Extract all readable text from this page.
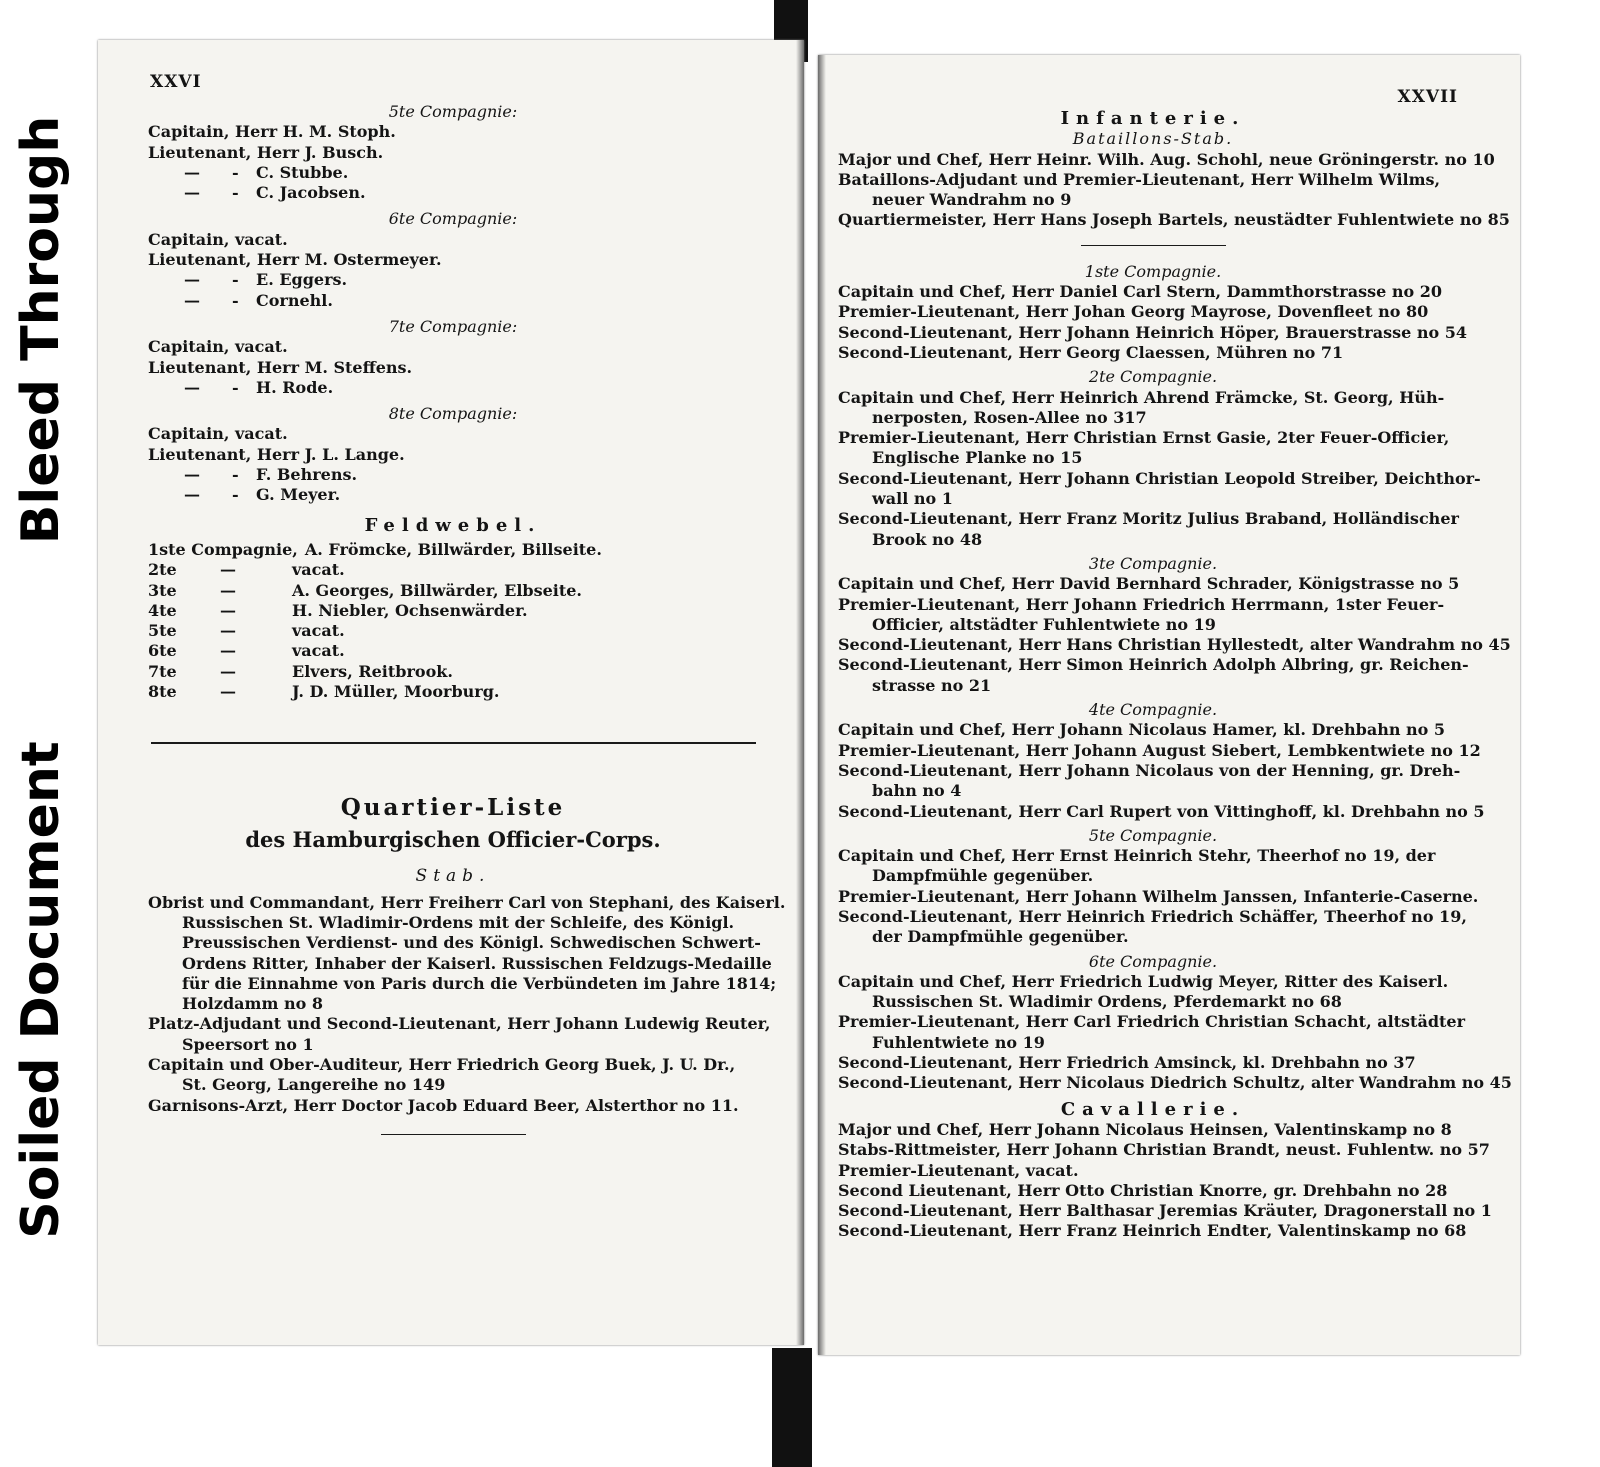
Bleed Through
Soiled Document
XXVI
5te Compagnie:
Capitain, Herr H. M. Stoph.
Lieutenant, Herr J. Busch.
—	-	C. Stubbe.
—	-	C. Jacobsen.
6te Compagnie:
Capitain, vacat.
Lieutenant, Herr M. Ostermeyer.
—	-	E. Eggers.
—	-	Cornehl.
7te Compagnie:
Capitain, vacat.
Lieutenant, Herr M. Steffens.
—	-	H. Rode.
8te Compagnie:
Capitain, vacat.
Lieutenant, Herr J. L. Lange.
—	-	F. Behrens.
—	-	G. Meyer.
Feldwebel.
1ste Compagnie, A. Frömcke, Billwärder, Billseite.
2te	—	vacat.
3te	—	A. Georges, Billwärder, Elbseite.
4te	—	H. Niebler, Ochsenwärder.
5te	—	vacat.
6te	—	vacat.
7te	—	Elvers, Reitbrook.
8te	—	J. D. Müller, Moorburg.
Quartier-Liste
des Hamburgischen Officier-Corps.
Stab.
Obrist und Commandant, Herr Freiherr Carl von Stephani, des Kaiserl.
Russischen St. Wladimir-Ordens mit der Schleife, des Königl.
Preussischen Verdienst- und des Königl. Schwedischen Schwert-
Ordens Ritter, Inhaber der Kaiserl. Russischen Feldzugs-Medaille
für die Einnahme von Paris durch die Verbündeten im Jahre 1814;
Holzdamm no 8
Platz-Adjudant und Second-Lieutenant, Herr Johann Ludewig Reuter,
Speersort no 1
Capitain und Ober-Auditeur, Herr Friedrich Georg Buek, J. U. Dr.,
St. Georg, Langereihe no 149
Garnisons-Arzt, Herr Doctor Jacob Eduard Beer, Alsterthor no 11.
XXVII
Infanterie.
Bataillons-Stab.
Major und Chef, Herr Heinr. Wilh. Aug. Schohl, neue Gröningerstr. no 10
Bataillons-Adjudant und Premier-Lieutenant, Herr Wilhelm Wilms,
neuer Wandrahm no 9
Quartiermeister, Herr Hans Joseph Bartels, neustädter Fuhlentwiete no 85
1ste Compagnie.
Capitain und Chef, Herr Daniel Carl Stern, Dammthorstrasse no 20
Premier-Lieutenant, Herr Johan Georg Mayrose, Dovenfleet no 80
Second-Lieutenant, Herr Johann Heinrich Höper, Brauerstrasse no 54
Second-Lieutenant, Herr Georg Claessen, Mühren no 71
2te Compagnie.
Capitain und Chef, Herr Heinrich Ahrend Främcke, St. Georg, Hüh-
nerposten, Rosen-Allee no 317
Premier-Lieutenant, Herr Christian Ernst Gasie, 2ter Feuer-Officier,
Englische Planke no 15
Second-Lieutenant, Herr Johann Christian Leopold Streiber, Deichthor-
wall no 1
Second-Lieutenant, Herr Franz Moritz Julius Braband, Holländischer
Brook no 48
3te Compagnie.
Capitain und Chef, Herr David Bernhard Schrader, Königstrasse no 5
Premier-Lieutenant, Herr Johann Friedrich Herrmann, 1ster Feuer-
Officier, altstädter Fuhlentwiete no 19
Second-Lieutenant, Herr Hans Christian Hyllestedt, alter Wandrahm no 45
Second-Lieutenant, Herr Simon Heinrich Adolph Albring, gr. Reichen-
strasse no 21
4te Compagnie.
Capitain und Chef, Herr Johann Nicolaus Hamer, kl. Drehbahn no 5
Premier-Lieutenant, Herr Johann August Siebert, Lembkentwiete no 12
Second-Lieutenant, Herr Johann Nicolaus von der Henning, gr. Dreh-
bahn no 4
Second-Lieutenant, Herr Carl Rupert von Vittinghoff, kl. Drehbahn no 5
5te Compagnie.
Capitain und Chef, Herr Ernst Heinrich Stehr, Theerhof no 19, der
Dampfmühle gegenüber.
Premier-Lieutenant, Herr Johann Wilhelm Janssen, Infanterie-Caserne.
Second-Lieutenant, Herr Heinrich Friedrich Schäffer, Theerhof no 19,
der Dampfmühle gegenüber.
6te Compagnie.
Capitain und Chef, Herr Friedrich Ludwig Meyer, Ritter des Kaiserl.
Russischen St. Wladimir Ordens, Pferdemarkt no 68
Premier-Lieutenant, Herr Carl Friedrich Christian Schacht, altstädter
Fuhlentwiete no 19
Second-Lieutenant, Herr Friedrich Amsinck, kl. Drehbahn no 37
Second-Lieutenant, Herr Nicolaus Diedrich Schultz, alter Wandrahm no 45
Cavallerie.
Major und Chef, Herr Johann Nicolaus Heinsen, Valentinskamp no 8
Stabs-Rittmeister, Herr Johann Christian Brandt, neust. Fuhlentw. no 57
Premier-Lieutenant, vacat.
Second Lieutenant, Herr Otto Christian Knorre, gr. Drehbahn no 28
Second-Lieutenant, Herr Balthasar Jeremias Kräuter, Dragonerstall no 1
Second-Lieutenant, Herr Franz Heinrich Endter, Valentinskamp no 68
